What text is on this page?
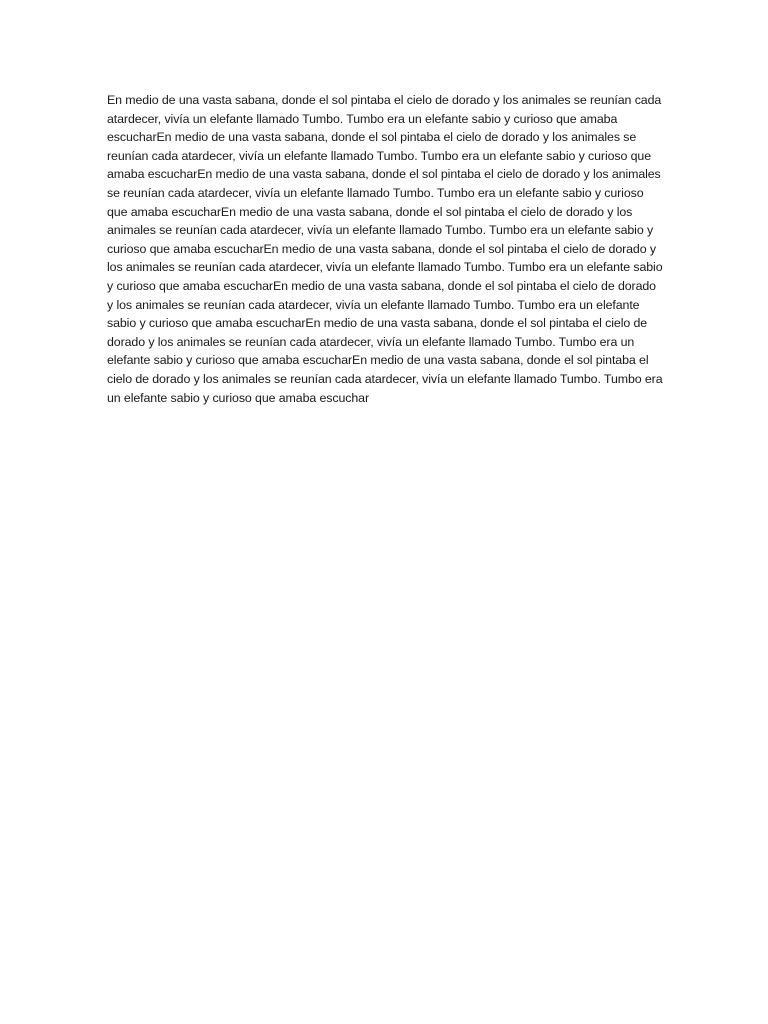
En medio de una vasta sabana, donde el sol pintaba el cielo de dorado y los animales se reunían cada atardecer, vivía un elefante llamado Tumbo. Tumbo era un elefante sabio y curioso que amaba escucharEn medio de una vasta sabana, donde el sol pintaba el cielo de dorado y los animales se reunían cada atardecer, vivía un elefante llamado Tumbo. Tumbo era un elefante sabio y curioso que amaba escucharEn medio de una vasta sabana, donde el sol pintaba el cielo de dorado y los animales se reunían cada atardecer, vivía un elefante llamado Tumbo. Tumbo era un elefante sabio y curioso que amaba escucharEn medio de una vasta sabana, donde el sol pintaba el cielo de dorado y los animales se reunían cada atardecer, vivía un elefante llamado Tumbo. Tumbo era un elefante sabio y curioso que amaba escucharEn medio de una vasta sabana, donde el sol pintaba el cielo de dorado y los animales se reunían cada atardecer, vivía un elefante llamado Tumbo. Tumbo era un elefante sabio y curioso que amaba escucharEn medio de una vasta sabana, donde el sol pintaba el cielo de dorado y los animales se reunían cada atardecer, vivía un elefante llamado Tumbo. Tumbo era un elefante sabio y curioso que amaba escucharEn medio de una vasta sabana, donde el sol pintaba el cielo de dorado y los animales se reunían cada atardecer, vivía un elefante llamado Tumbo. Tumbo era un elefante sabio y curioso que amaba escucharEn medio de una vasta sabana, donde el sol pintaba el cielo de dorado y los animales se reunían cada atardecer, vivía un elefante llamado Tumbo. Tumbo era un elefante sabio y curioso que amaba escuchar
